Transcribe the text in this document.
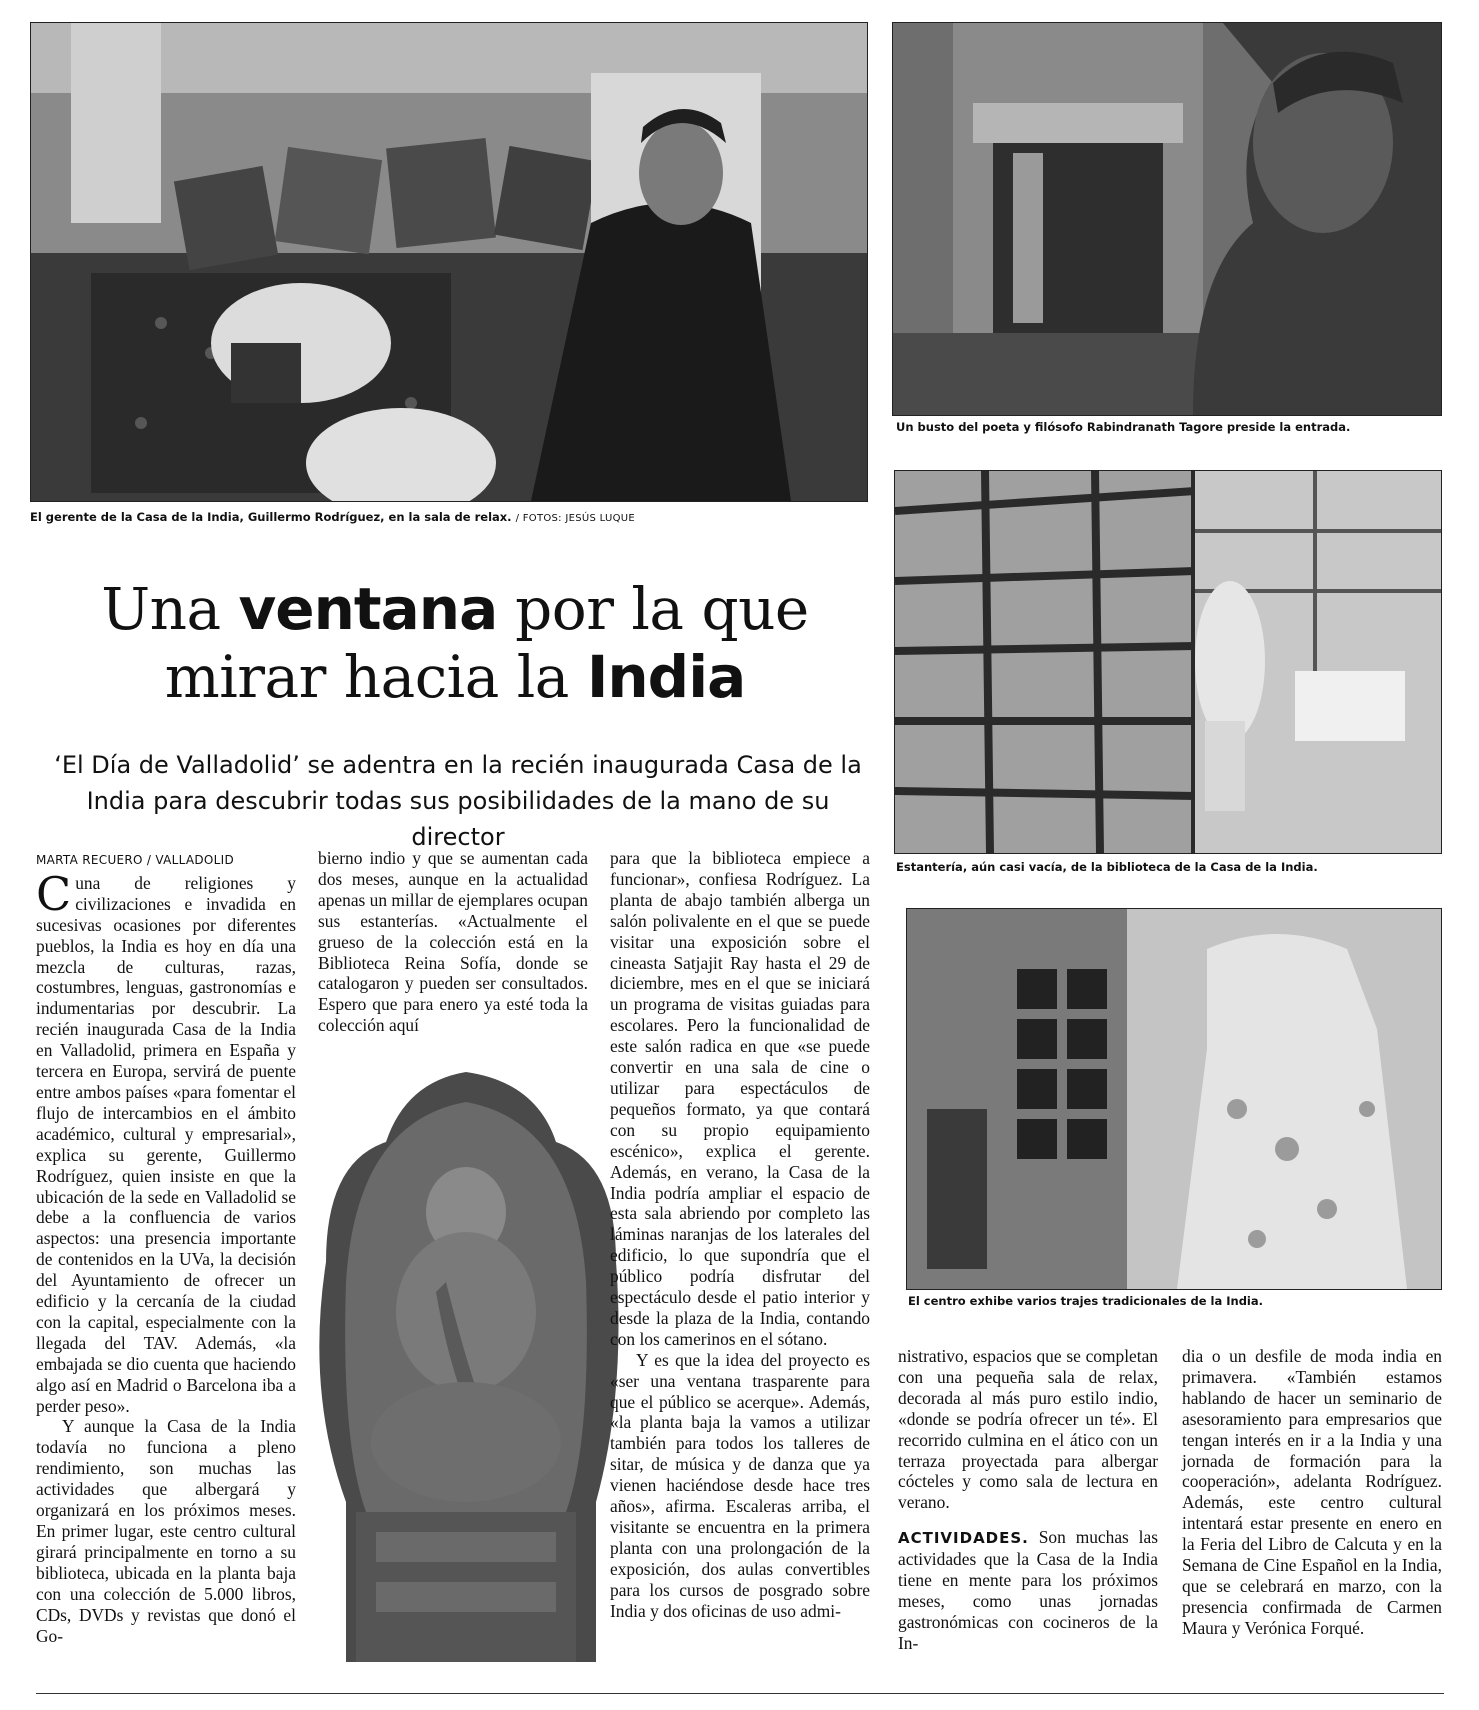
El gerente de la Casa de la India, Guillermo Rodríguez, en la sala de relax. / FOTOS: JESÚS LUQUE
Un busto del poeta y filósofo Rabindranath Tagore preside la entrada.
Estantería, aún casi vacía, de la biblioteca de la Casa de la India.
El centro exhibe varios trajes tradicionales de la India.
Una ventana por la que mirar hacia la India
‘El Día de Valladolid’ se adentra en la recién inaugurada Casa de la India para descubrir todas sus posibilidades de la mano de su director
MARTA RECUERO / VALLADOLID

Cuna de religiones y civilizaciones e invadida en sucesivas ocasiones por diferentes pueblos, la India es hoy en día una mezcla de culturas, razas, costumbres, lenguas, gastronomías e indumentarias por descubrir. La recién inaugurada Casa de la India en Valladolid, primera en España y tercera en Europa, servirá de puente entre ambos países «para fomentar el flujo de intercambios en el ámbito académico, cultural y empresarial», explica su gerente, Guillermo Rodríguez, quien insiste en que la ubicación de la sede en Valladolid se debe a la confluencia de varios aspectos: una presencia importante de contenidos en la UVa, la decisión del Ayuntamiento de ofrecer un edificio y la cercanía de la ciudad con la capital, especialmente con la llegada del TAV. Además, «la embajada se dio cuenta que haciendo algo así en Madrid o Barcelona iba a perder peso».

Y aunque la Casa de la India todavía no funciona a pleno rendimiento, son muchas las actividades que albergará y organizará en los próximos meses. En primer lugar, este centro cultural girará principalmente en torno a su biblioteca, ubicada en la planta baja con una colección de 5.000 libros, CDs, DVDs y revistas que donó el Go-

bierno indio y que se aumentan cada dos meses, aunque en la actualidad apenas un millar de ejemplares ocupan sus estanterías. «Actualmente el grueso de la colección está en la Biblioteca Reina Sofía, donde se catalogaron y pueden ser consultados. Espero que para enero ya esté toda la colección aquí

para que la biblioteca empiece a funcionar», confiesa Rodríguez. La planta de abajo también alberga un salón polivalente en el que se puede visitar una exposición sobre el cineasta Satjajit Ray hasta el 29 de diciembre, mes en el que se iniciará un programa de visitas guiadas para escolares. Pero la funcionalidad de este salón radica en que «se puede convertir en una sala de cine o utilizar para espectáculos de pequeños formato, ya que contará con su propio equipamiento escénico», explica el gerente. Además, en verano, la Casa de la India podría ampliar el espacio de esta sala abriendo por completo las láminas naranjas de los laterales del edificio, lo que supondría que el público podría disfrutar del espectáculo desde el patio interior y desde la plaza de la India, contando con los camerinos en el sótano.

Y es que la idea del proyecto es «ser una ventana trasparente para que el público se acerque». Además, «la planta baja la vamos a utilizar también para todos los talleres de sitar, de música y de danza que ya vienen haciéndose desde hace tres años», afirma. Escaleras arriba, el visitante se encuentra en la primera planta con una prolongación de la exposición, dos aulas convertibles para los cursos de posgrado sobre India y dos oficinas de uso admi-

nistrativo, espacios que se completan con una pequeña sala de relax, decorada al más puro estilo indio, «donde se podría ofrecer un té». El recorrido culmina en el ático con un terraza proyectada para albergar cócteles y como sala de lectura en verano.

ACTIVIDADES. Son muchas las actividades que la Casa de la India tiene en mente para los próximos meses, como unas jornadas gastronómicas con cocineros de la In-

dia o un desfile de moda india en primavera. «También estamos hablando de hacer un seminario de asesoramiento para empresarios que tengan interés en ir a la India y una jornada de formación para la cooperación», adelanta Rodríguez. Además, este centro cultural intentará estar presente en enero en la Feria del Libro de Calcuta y en la Semana de Cine Español en la India, que se celebrará en marzo, con la presencia confirmada de Carmen Maura y Verónica Forqué.
